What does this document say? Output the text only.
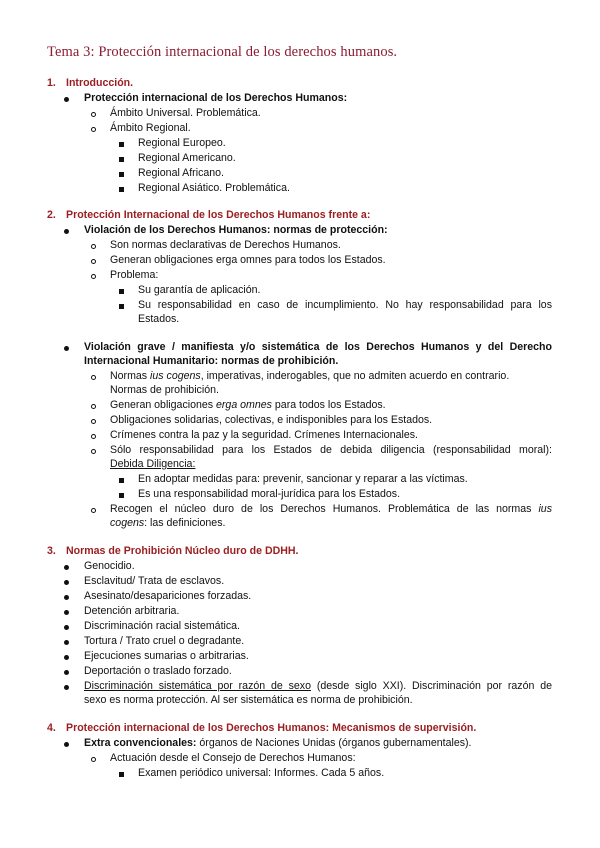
Tema 3: Protección internacional de los derechos humanos.
1. Introducción.
Protección internacional de los Derechos Humanos:
Ámbito Universal. Problemática.
Ámbito Regional.
Regional Europeo.
Regional Americano.
Regional Africano.
Regional Asiático. Problemática.
2. Protección Internacional de los Derechos Humanos frente a:
Violación de los Derechos Humanos: normas de protección:
Son normas declarativas de Derechos Humanos.
Generan obligaciones erga omnes para todos los Estados.
Problema:
Su garantía de aplicación.
Su responsabilidad en caso de incumplimiento. No hay responsabilidad para los
Estados.
Violación grave / manifiesta y/o sistemática de los Derechos Humanos y del Derecho
Internacional Humanitario: normas de prohibición.
Normas ius cogens, imperativas, inderogables, que no admiten acuerdo en contrario.
Normas de prohibición.
Generan obligaciones erga omnes para todos los Estados.
Obligaciones solidarias, colectivas, e indisponibles para los Estados.
Crímenes contra la paz y la seguridad. Crímenes Internacionales.
Sólo responsabilidad para los Estados de debida diligencia (responsabilidad moral):
Debida Diligencia:
En adoptar medidas para: prevenir, sancionar y reparar a las víctimas.
Es una responsabilidad moral-jurídica para los Estados.
Recogen el núcleo duro de los Derechos Humanos. Problemática de las normas ius
cogens: las definiciones.
3. Normas de Prohibición Núcleo duro de DDHH.
Genocidio.
Esclavitud/ Trata de esclavos.
Asesinato/desapariciones forzadas.
Detención arbitraria.
Discriminación racial sistemática.
Tortura / Trato cruel o degradante.
Ejecuciones sumarias o arbitrarias.
Deportación o traslado forzado.
Discriminación sistemática por razón de sexo (desde siglo XXI). Discriminación por razón de
sexo es norma protección. Al ser sistemática es norma de prohibición.
4. Protección internacional de los Derechos Humanos: Mecanismos de supervisión.
Extra convencionales: órganos de Naciones Unidas (órganos gubernamentales).
Actuación desde el Consejo de Derechos Humanos:
Examen periódico universal: Informes. Cada 5 años.
